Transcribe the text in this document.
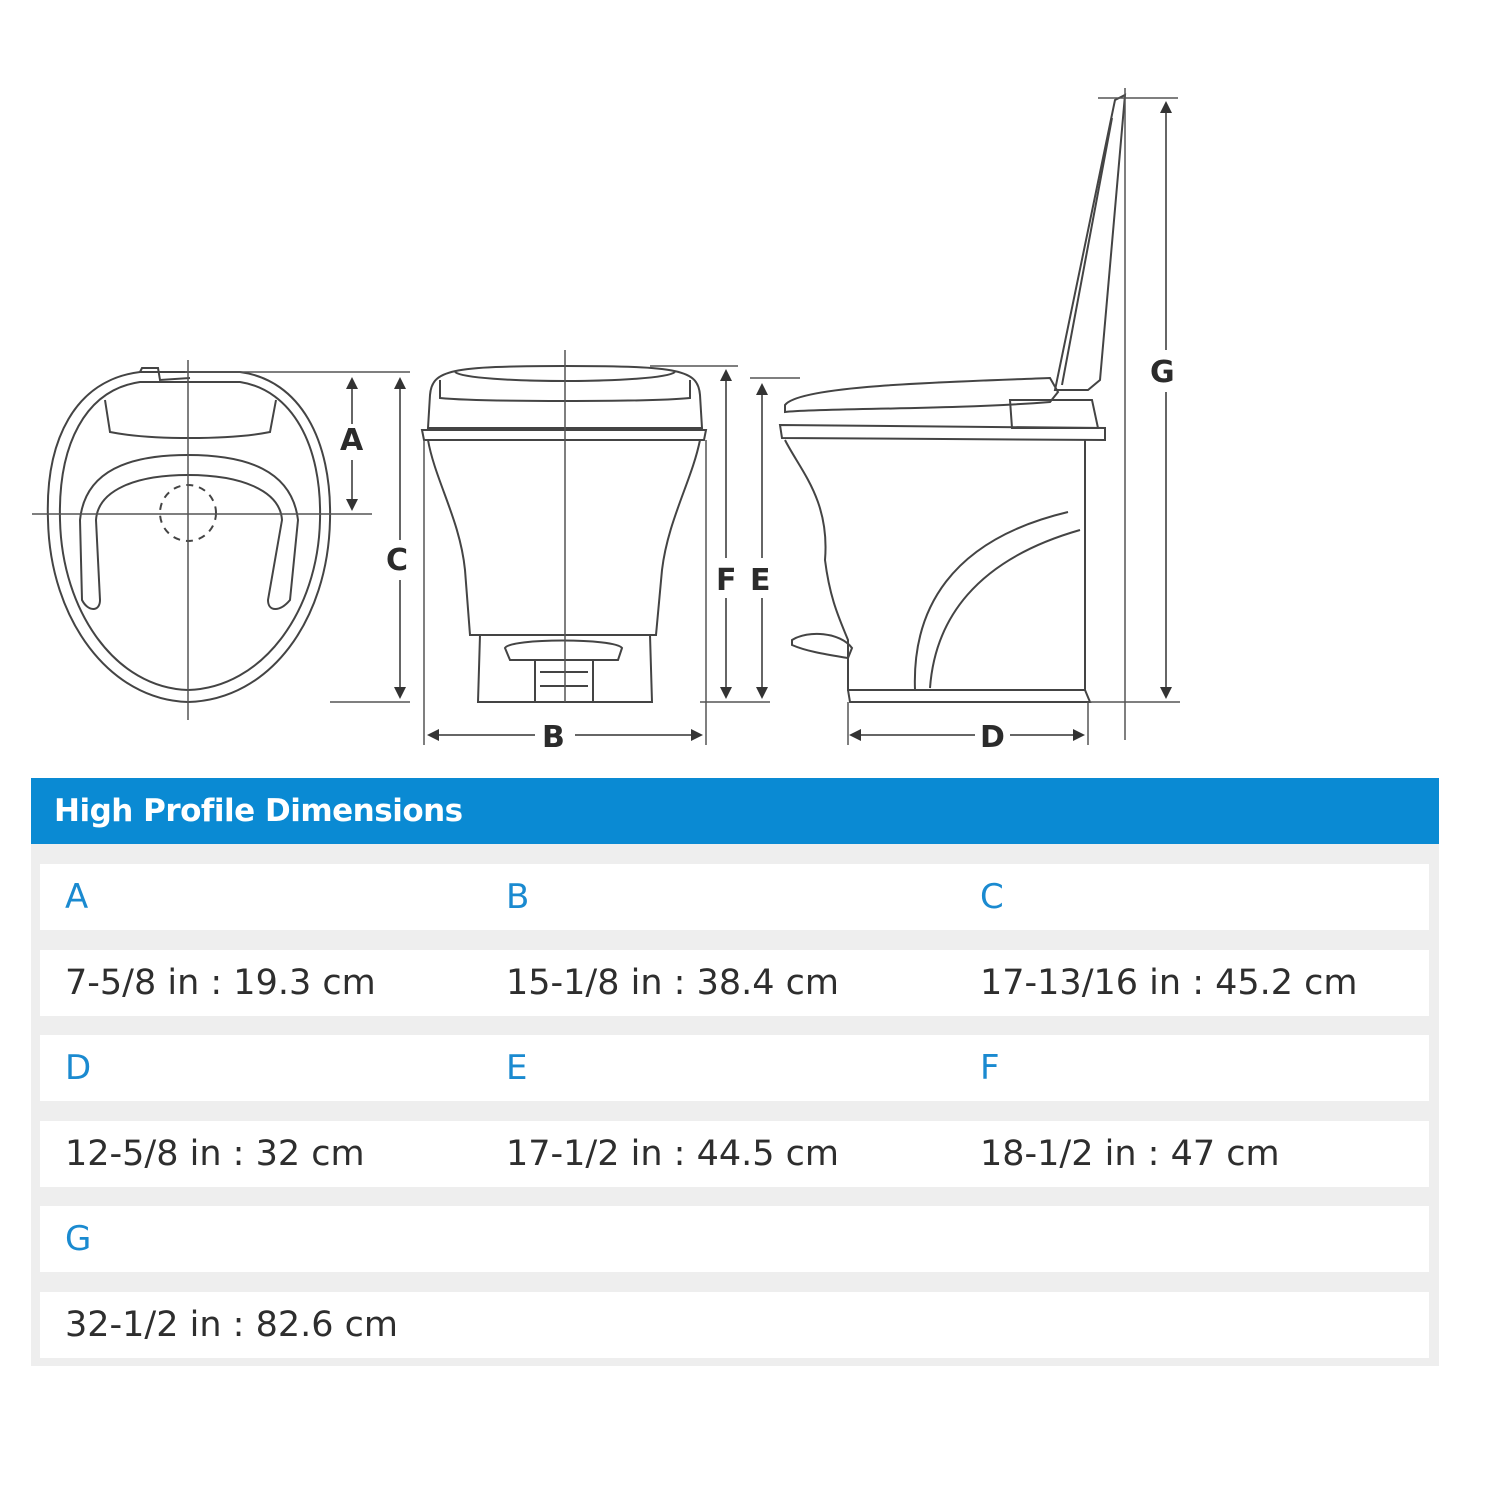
A
C
B
F E
D
G
High Profile Dimensions
A	B	C
7-5/8 in : 19.3 cm	15-1/8 in : 38.4 cm	17-13/16 in : 45.2 cm
D	E	F
12-5/8 in : 32 cm	17-1/2 in : 44.5 cm	18-1/2 in : 47 cm
G
32-1/2 in : 82.6 cm
